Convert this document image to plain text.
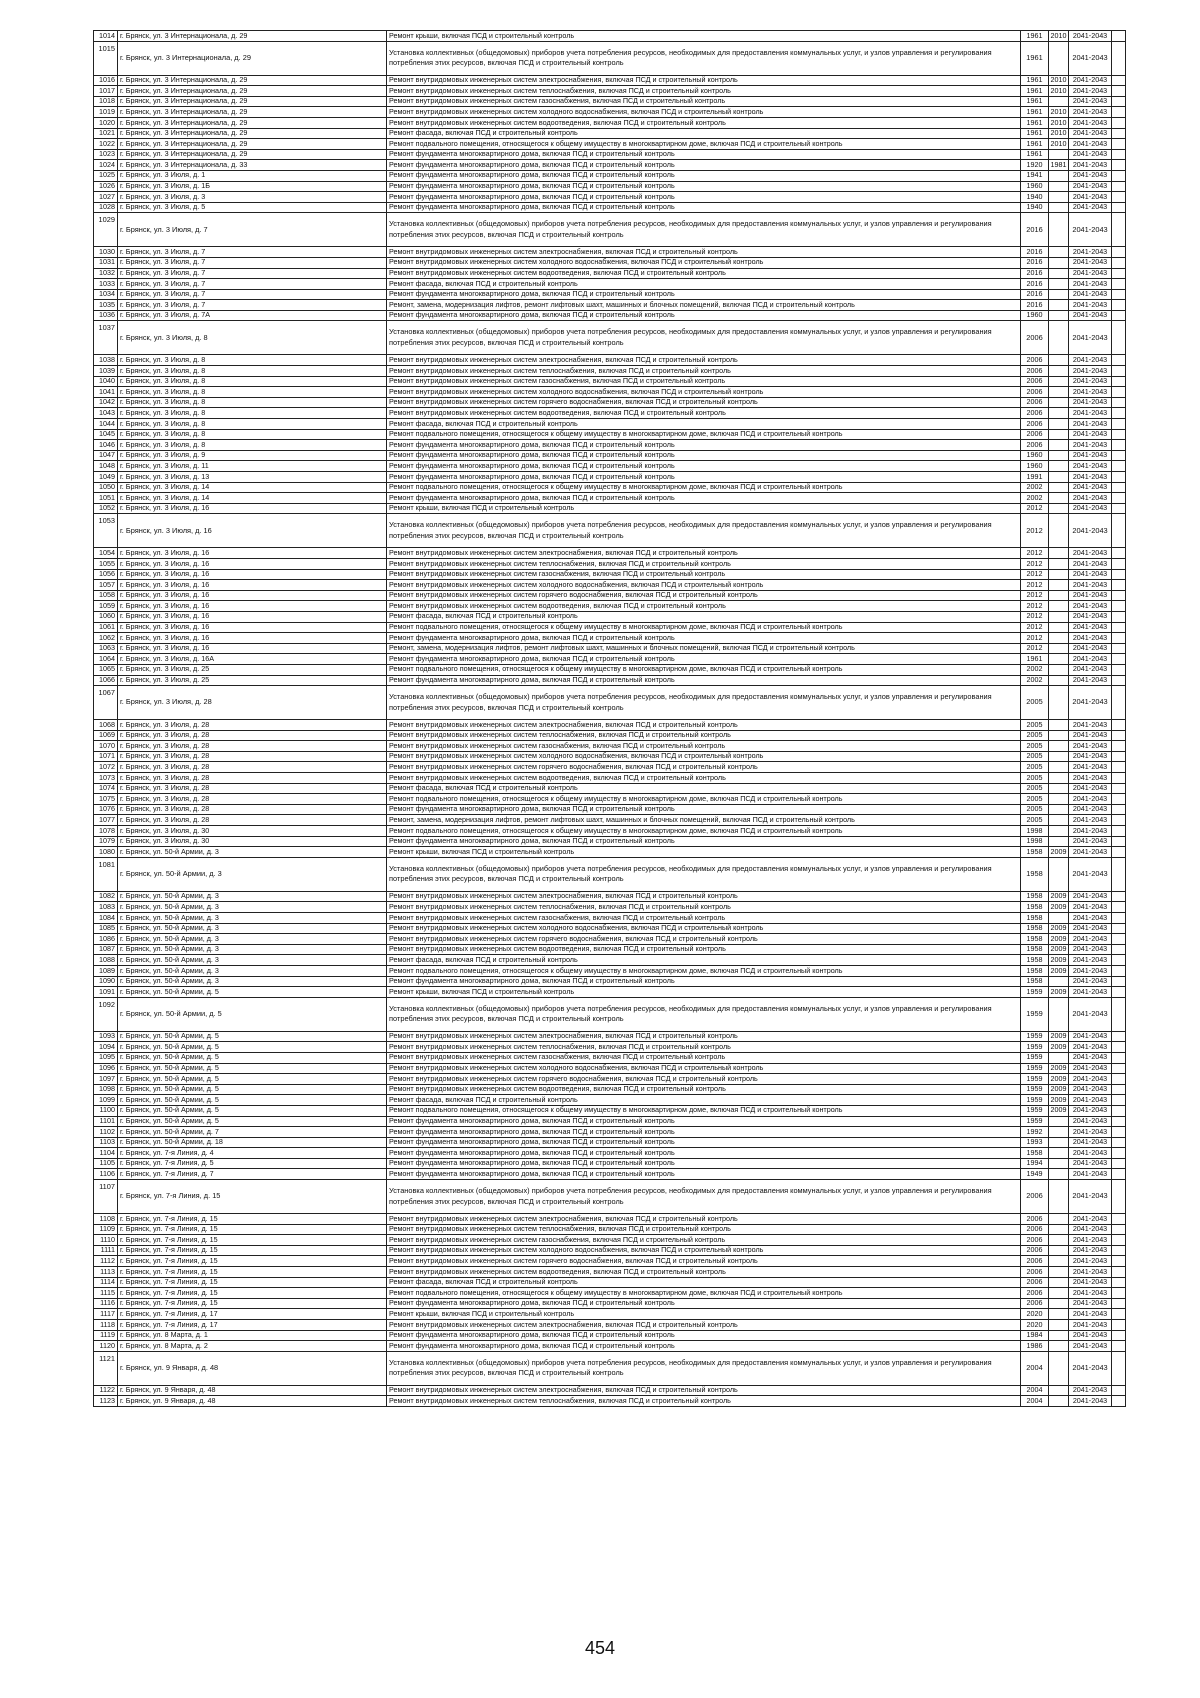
1014	г. Брянск, ул. 3 Интернационала, д. 29	Ремонт крыши, включая ПСД и строительный контроль	1961	2010	2041-2043	
1015	г. Брянск, ул. 3 Интернационала, д. 29	Установка коллективных (общедомовых) приборов учета потребления ресурсов, необходимых для предоставления коммунальных услуг, и узлов управления и регулирования потребления этих ресурсов, включая ПСД и строительный контроль	1961		2041-2043	
1016	г. Брянск, ул. 3 Интернационала, д. 29	Ремонт внутридомовых инженерных систем электроснабжения, включая ПСД и строительный контроль	1961	2010	2041-2043	
1017	г. Брянск, ул. 3 Интернационала, д. 29	Ремонт внутридомовых инженерных систем теплоснабжения, включая ПСД и строительный контроль	1961	2010	2041-2043	
1018	г. Брянск, ул. 3 Интернационала, д. 29	Ремонт внутридомовых инженерных систем газоснабжения, включая ПСД и строительный контроль	1961		2041-2043	
1019	г. Брянск, ул. 3 Интернационала, д. 29	Ремонт внутридомовых инженерных систем холодного водоснабжения, включая ПСД и строительный контроль	1961	2010	2041-2043	
1020	г. Брянск, ул. 3 Интернационала, д. 29	Ремонт внутридомовых инженерных систем водоотведения, включая ПСД и строительный контроль	1961	2010	2041-2043	
1021	г. Брянск, ул. 3 Интернационала, д. 29	Ремонт фасада, включая ПСД и строительный контроль	1961	2010	2041-2043	
1022	г. Брянск, ул. 3 Интернационала, д. 29	Ремонт подвального помещения, относящегося к общему имуществу в многоквартирном доме, включая ПСД и строительный контроль	1961	2010	2041-2043	
1023	г. Брянск, ул. 3 Интернационала, д. 29	Ремонт фундамента многоквартирного дома, включая ПСД и строительный контроль	1961		2041-2043	
1024	г. Брянск, ул. 3 Интернационала, д. 33	Ремонт фундамента многоквартирного дома, включая ПСД и строительный контроль	1920	1981	2041-2043	
1025	г. Брянск, ул. 3 Июля, д. 1	Ремонт фундамента многоквартирного дома, включая ПСД и строительный контроль	1941		2041-2043	
1026	г. Брянск, ул. 3 Июля, д. 1Б	Ремонт фундамента многоквартирного дома, включая ПСД и строительный контроль	1960		2041-2043	
1027	г. Брянск, ул. 3 Июля, д. 3	Ремонт фундамента многоквартирного дома, включая ПСД и строительный контроль	1940		2041-2043	
1028	г. Брянск, ул. 3 Июля, д. 5	Ремонт фундамента многоквартирного дома, включая ПСД и строительный контроль	1940		2041-2043	
1029	г. Брянск, ул. 3 Июля, д. 7	Установка коллективных (общедомовых) приборов учета потребления ресурсов, необходимых для предоставления коммунальных услуг, и узлов управления и регулирования потребления этих ресурсов, включая ПСД и строительный контроль	2016		2041-2043	
1030	г. Брянск, ул. 3 Июля, д. 7	Ремонт внутридомовых инженерных систем электроснабжения, включая ПСД и строительный контроль	2016		2041-2043	
1031	г. Брянск, ул. 3 Июля, д. 7	Ремонт внутридомовых инженерных систем холодного водоснабжения, включая ПСД и строительный контроль	2016		2041-2043	
1032	г. Брянск, ул. 3 Июля, д. 7	Ремонт внутридомовых инженерных систем водоотведения, включая ПСД и строительный контроль	2016		2041-2043	
1033	г. Брянск, ул. 3 Июля, д. 7	Ремонт фасада, включая ПСД и строительный контроль	2016		2041-2043	
1034	г. Брянск, ул. 3 Июля, д. 7	Ремонт фундамента многоквартирного дома, включая ПСД и строительный контроль	2016		2041-2043	
1035	г. Брянск, ул. 3 Июля, д. 7	Ремонт, замена, модернизация лифтов, ремонт лифтовых шахт, машинных и блочных помещений, включая ПСД и строительный контроль	2016		2041-2043	
1036	г. Брянск, ул. 3 Июля, д. 7А	Ремонт фундамента многоквартирного дома, включая ПСД и строительный контроль	1960		2041-2043	
1037	г. Брянск, ул. 3 Июля, д. 8	Установка коллективных (общедомовых) приборов учета потребления ресурсов, необходимых для предоставления коммунальных услуг, и узлов управления и регулирования потребления этих ресурсов, включая ПСД и строительный контроль	2006		2041-2043	
1038	г. Брянск, ул. 3 Июля, д. 8	Ремонт внутридомовых инженерных систем электроснабжения, включая ПСД и строительный контроль	2006		2041-2043	
1039	г. Брянск, ул. 3 Июля, д. 8	Ремонт внутридомовых инженерных систем теплоснабжения, включая ПСД и строительный контроль	2006		2041-2043	
1040	г. Брянск, ул. 3 Июля, д. 8	Ремонт внутридомовых инженерных систем газоснабжения, включая ПСД и строительный контроль	2006		2041-2043	
1041	г. Брянск, ул. 3 Июля, д. 8	Ремонт внутридомовых инженерных систем холодного водоснабжения, включая ПСД и строительный контроль	2006		2041-2043	
1042	г. Брянск, ул. 3 Июля, д. 8	Ремонт внутридомовых инженерных систем горячего водоснабжения, включая ПСД и строительный контроль	2006		2041-2043	
1043	г. Брянск, ул. 3 Июля, д. 8	Ремонт внутридомовых инженерных систем водоотведения, включая ПСД и строительный контроль	2006		2041-2043	
1044	г. Брянск, ул. 3 Июля, д. 8	Ремонт фасада, включая ПСД и строительный контроль	2006		2041-2043	
1045	г. Брянск, ул. 3 Июля, д. 8	Ремонт подвального помещения, относящегося к общему имуществу в многоквартирном доме, включая ПСД и строительный контроль	2006		2041-2043	
1046	г. Брянск, ул. 3 Июля, д. 8	Ремонт фундамента многоквартирного дома, включая ПСД и строительный контроль	2006		2041-2043	
1047	г. Брянск, ул. 3 Июля, д. 9	Ремонт фундамента многоквартирного дома, включая ПСД и строительный контроль	1960		2041-2043	
1048	г. Брянск, ул. 3 Июля, д. 11	Ремонт фундамента многоквартирного дома, включая ПСД и строительный контроль	1960		2041-2043	
1049	г. Брянск, ул. 3 Июля, д. 13	Ремонт фундамента многоквартирного дома, включая ПСД и строительный контроль	1991		2041-2043	
1050	г. Брянск, ул. 3 Июля, д. 14	Ремонт подвального помещения, относящегося к общему имуществу в многоквартирном доме, включая ПСД и строительный контроль	2002		2041-2043	
1051	г. Брянск, ул. 3 Июля, д. 14	Ремонт фундамента многоквартирного дома, включая ПСД и строительный контроль	2002		2041-2043	
1052	г. Брянск, ул. 3 Июля, д. 16	Ремонт крыши, включая ПСД и строительный контроль	2012		2041-2043	
1053	г. Брянск, ул. 3 Июля, д. 16	Установка коллективных (общедомовых) приборов учета потребления ресурсов, необходимых для предоставления коммунальных услуг, и узлов управления и регулирования потребления этих ресурсов, включая ПСД и строительный контроль	2012		2041-2043	
1054	г. Брянск, ул. 3 Июля, д. 16	Ремонт внутридомовых инженерных систем электроснабжения, включая ПСД и строительный контроль	2012		2041-2043	
1055	г. Брянск, ул. 3 Июля, д. 16	Ремонт внутридомовых инженерных систем теплоснабжения, включая ПСД и строительный контроль	2012		2041-2043	
1056	г. Брянск, ул. 3 Июля, д. 16	Ремонт внутридомовых инженерных систем газоснабжения, включая ПСД и строительный контроль	2012		2041-2043	
1057	г. Брянск, ул. 3 Июля, д. 16	Ремонт внутридомовых инженерных систем холодного водоснабжения, включая ПСД и строительный контроль	2012		2041-2043	
1058	г. Брянск, ул. 3 Июля, д. 16	Ремонт внутридомовых инженерных систем горячего водоснабжения, включая ПСД и строительный контроль	2012		2041-2043	
1059	г. Брянск, ул. 3 Июля, д. 16	Ремонт внутридомовых инженерных систем водоотведения, включая ПСД и строительный контроль	2012		2041-2043	
1060	г. Брянск, ул. 3 Июля, д. 16	Ремонт фасада, включая ПСД и строительный контроль	2012		2041-2043	
1061	г. Брянск, ул. 3 Июля, д. 16	Ремонт подвального помещения, относящегося к общему имуществу в многоквартирном доме, включая ПСД и строительный контроль	2012		2041-2043	
1062	г. Брянск, ул. 3 Июля, д. 16	Ремонт фундамента многоквартирного дома, включая ПСД и строительный контроль	2012		2041-2043	
1063	г. Брянск, ул. 3 Июля, д. 16	Ремонт, замена, модернизация лифтов, ремонт лифтовых шахт, машинных и блочных помещений, включая ПСД и строительный контроль	2012		2041-2043	
1064	г. Брянск, ул. 3 Июля, д. 16А	Ремонт фундамента многоквартирного дома, включая ПСД и строительный контроль	1961		2041-2043	
1065	г. Брянск, ул. 3 Июля, д. 25	Ремонт подвального помещения, относящегося к общему имуществу в многоквартирном доме, включая ПСД и строительный контроль	2002		2041-2043	
1066	г. Брянск, ул. 3 Июля, д. 25	Ремонт фундамента многоквартирного дома, включая ПСД и строительный контроль	2002		2041-2043	
1067	г. Брянск, ул. 3 Июля, д. 28	Установка коллективных (общедомовых) приборов учета потребления ресурсов, необходимых для предоставления коммунальных услуг, и узлов управления и регулирования потребления этих ресурсов, включая ПСД и строительный контроль	2005		2041-2043	
1068	г. Брянск, ул. 3 Июля, д. 28	Ремонт внутридомовых инженерных систем электроснабжения, включая ПСД и строительный контроль	2005		2041-2043	
1069	г. Брянск, ул. 3 Июля, д. 28	Ремонт внутридомовых инженерных систем теплоснабжения, включая ПСД и строительный контроль	2005		2041-2043	
1070	г. Брянск, ул. 3 Июля, д. 28	Ремонт внутридомовых инженерных систем газоснабжения, включая ПСД и строительный контроль	2005		2041-2043	
1071	г. Брянск, ул. 3 Июля, д. 28	Ремонт внутридомовых инженерных систем холодного водоснабжения, включая ПСД и строительный контроль	2005		2041-2043	
1072	г. Брянск, ул. 3 Июля, д. 28	Ремонт внутридомовых инженерных систем горячего водоснабжения, включая ПСД и строительный контроль	2005		2041-2043	
1073	г. Брянск, ул. 3 Июля, д. 28	Ремонт внутридомовых инженерных систем водоотведения, включая ПСД и строительный контроль	2005		2041-2043	
1074	г. Брянск, ул. 3 Июля, д. 28	Ремонт фасада, включая ПСД и строительный контроль	2005		2041-2043	
1075	г. Брянск, ул. 3 Июля, д. 28	Ремонт подвального помещения, относящегося к общему имуществу в многоквартирном доме, включая ПСД и строительный контроль	2005		2041-2043	
1076	г. Брянск, ул. 3 Июля, д. 28	Ремонт фундамента многоквартирного дома, включая ПСД и строительный контроль	2005		2041-2043	
1077	г. Брянск, ул. 3 Июля, д. 28	Ремонт, замена, модернизация лифтов, ремонт лифтовых шахт, машинных и блочных помещений, включая ПСД и строительный контроль	2005		2041-2043	
1078	г. Брянск, ул. 3 Июля, д. 30	Ремонт подвального помещения, относящегося к общему имуществу в многоквартирном доме, включая ПСД и строительный контроль	1998		2041-2043	
1079	г. Брянск, ул. 3 Июля, д. 30	Ремонт фундамента многоквартирного дома, включая ПСД и строительный контроль	1998		2041-2043	
1080	г. Брянск, ул. 50-й Армии, д. 3	Ремонт крыши, включая ПСД и строительный контроль	1958	2009	2041-2043	
1081	г. Брянск, ул. 50-й Армии, д. 3	Установка коллективных (общедомовых) приборов учета потребления ресурсов, необходимых для предоставления коммунальных услуг, и узлов управления и регулирования потребления этих ресурсов, включая ПСД и строительный контроль	1958		2041-2043	
1082	г. Брянск, ул. 50-й Армии, д. 3	Ремонт внутридомовых инженерных систем электроснабжения, включая ПСД и строительный контроль	1958	2009	2041-2043	
1083	г. Брянск, ул. 50-й Армии, д. 3	Ремонт внутридомовых инженерных систем теплоснабжения, включая ПСД и строительный контроль	1958	2009	2041-2043	
1084	г. Брянск, ул. 50-й Армии, д. 3	Ремонт внутридомовых инженерных систем газоснабжения, включая ПСД и строительный контроль	1958		2041-2043	
1085	г. Брянск, ул. 50-й Армии, д. 3	Ремонт внутридомовых инженерных систем холодного водоснабжения, включая ПСД и строительный контроль	1958	2009	2041-2043	
1086	г. Брянск, ул. 50-й Армии, д. 3	Ремонт внутридомовых инженерных систем горячего водоснабжения, включая ПСД и строительный контроль	1958	2009	2041-2043	
1087	г. Брянск, ул. 50-й Армии, д. 3	Ремонт внутридомовых инженерных систем водоотведения, включая ПСД и строительный контроль	1958	2009	2041-2043	
1088	г. Брянск, ул. 50-й Армии, д. 3	Ремонт фасада, включая ПСД и строительный контроль	1958	2009	2041-2043	
1089	г. Брянск, ул. 50-й Армии, д. 3	Ремонт подвального помещения, относящегося к общему имуществу в многоквартирном доме, включая ПСД и строительный контроль	1958	2009	2041-2043	
1090	г. Брянск, ул. 50-й Армии, д. 3	Ремонт фундамента многоквартирного дома, включая ПСД и строительный контроль	1958		2041-2043	
1091	г. Брянск, ул. 50-й Армии, д. 5	Ремонт крыши, включая ПСД и строительный контроль	1959	2009	2041-2043	
1092	г. Брянск, ул. 50-й Армии, д. 5	Установка коллективных (общедомовых) приборов учета потребления ресурсов, необходимых для предоставления коммунальных услуг, и узлов управления и регулирования потребления этих ресурсов, включая ПСД и строительный контроль	1959		2041-2043	
1093	г. Брянск, ул. 50-й Армии, д. 5	Ремонт внутридомовых инженерных систем электроснабжения, включая ПСД и строительный контроль	1959	2009	2041-2043	
1094	г. Брянск, ул. 50-й Армии, д. 5	Ремонт внутридомовых инженерных систем теплоснабжения, включая ПСД и строительный контроль	1959	2009	2041-2043	
1095	г. Брянск, ул. 50-й Армии, д. 5	Ремонт внутридомовых инженерных систем газоснабжения, включая ПСД и строительный контроль	1959		2041-2043	
1096	г. Брянск, ул. 50-й Армии, д. 5	Ремонт внутридомовых инженерных систем холодного водоснабжения, включая ПСД и строительный контроль	1959	2009	2041-2043	
1097	г. Брянск, ул. 50-й Армии, д. 5	Ремонт внутридомовых инженерных систем горячего водоснабжения, включая ПСД и строительный контроль	1959	2009	2041-2043	
1098	г. Брянск, ул. 50-й Армии, д. 5	Ремонт внутридомовых инженерных систем водоотведения, включая ПСД и строительный контроль	1959	2009	2041-2043	
1099	г. Брянск, ул. 50-й Армии, д. 5	Ремонт фасада, включая ПСД и строительный контроль	1959	2009	2041-2043	
1100	г. Брянск, ул. 50-й Армии, д. 5	Ремонт подвального помещения, относящегося к общему имуществу в многоквартирном доме, включая ПСД и строительный контроль	1959	2009	2041-2043	
1101	г. Брянск, ул. 50-й Армии, д. 5	Ремонт фундамента многоквартирного дома, включая ПСД и строительный контроль	1959		2041-2043	
1102	г. Брянск, ул. 50-й Армии, д. 7	Ремонт фундамента многоквартирного дома, включая ПСД и строительный контроль	1992		2041-2043	
1103	г. Брянск, ул. 50-й Армии, д. 18	Ремонт фундамента многоквартирного дома, включая ПСД и строительный контроль	1993		2041-2043	
1104	г. Брянск, ул. 7-я Линия, д. 4	Ремонт фундамента многоквартирного дома, включая ПСД и строительный контроль	1958		2041-2043	
1105	г. Брянск, ул. 7-я Линия, д. 5	Ремонт фундамента многоквартирного дома, включая ПСД и строительный контроль	1994		2041-2043	
1106	г. Брянск, ул. 7-я Линия, д. 7	Ремонт фундамента многоквартирного дома, включая ПСД и строительный контроль	1949		2041-2043	
1107	г. Брянск, ул. 7-я Линия, д. 15	Установка коллективных (общедомовых) приборов учета потребления ресурсов, необходимых для предоставления коммунальных услуг, и узлов управления и регулирования потребления этих ресурсов, включая ПСД и строительный контроль	2006		2041-2043	
1108	г. Брянск, ул. 7-я Линия, д. 15	Ремонт внутридомовых инженерных систем электроснабжения, включая ПСД и строительный контроль	2006		2041-2043	
1109	г. Брянск, ул. 7-я Линия, д. 15	Ремонт внутридомовых инженерных систем теплоснабжения, включая ПСД и строительный контроль	2006		2041-2043	
1110	г. Брянск, ул. 7-я Линия, д. 15	Ремонт внутридомовых инженерных систем газоснабжения, включая ПСД и строительный контроль	2006		2041-2043	
1111	г. Брянск, ул. 7-я Линия, д. 15	Ремонт внутридомовых инженерных систем холодного водоснабжения, включая ПСД и строительный контроль	2006		2041-2043	
1112	г. Брянск, ул. 7-я Линия, д. 15	Ремонт внутридомовых инженерных систем горячего водоснабжения, включая ПСД и строительный контроль	2006		2041-2043	
1113	г. Брянск, ул. 7-я Линия, д. 15	Ремонт внутридомовых инженерных систем водоотведения, включая ПСД и строительный контроль	2006		2041-2043	
1114	г. Брянск, ул. 7-я Линия, д. 15	Ремонт фасада, включая ПСД и строительный контроль	2006		2041-2043	
1115	г. Брянск, ул. 7-я Линия, д. 15	Ремонт подвального помещения, относящегося к общему имуществу в многоквартирном доме, включая ПСД и строительный контроль	2006		2041-2043	
1116	г. Брянск, ул. 7-я Линия, д. 15	Ремонт фундамента многоквартирного дома, включая ПСД и строительный контроль	2006		2041-2043	
1117	г. Брянск, ул. 7-я Линия, д. 17	Ремонт крыши, включая ПСД и строительный контроль	2020		2041-2043	
1118	г. Брянск, ул. 7-я Линия, д. 17	Ремонт внутридомовых инженерных систем электроснабжения, включая ПСД и строительный контроль	2020		2041-2043	
1119	г. Брянск, ул. 8 Марта, д. 1	Ремонт фундамента многоквартирного дома, включая ПСД и строительный контроль	1984		2041-2043	
1120	г. Брянск, ул. 8 Марта, д. 2	Ремонт фундамента многоквартирного дома, включая ПСД и строительный контроль	1986		2041-2043	
1121	г. Брянск, ул. 9 Января, д. 48	Установка коллективных (общедомовых) приборов учета потребления ресурсов, необходимых для предоставления коммунальных услуг, и узлов управления и регулирования потребления этих ресурсов, включая ПСД и строительный контроль	2004		2041-2043	
1122	г. Брянск, ул. 9 Января, д. 48	Ремонт внутридомовых инженерных систем электроснабжения, включая ПСД и строительный контроль	2004		2041-2043	
1123	г. Брянск, ул. 9 Января, д. 48	Ремонт внутридомовых инженерных систем теплоснабжения, включая ПСД и строительный контроль	2004		2041-2043	
454
